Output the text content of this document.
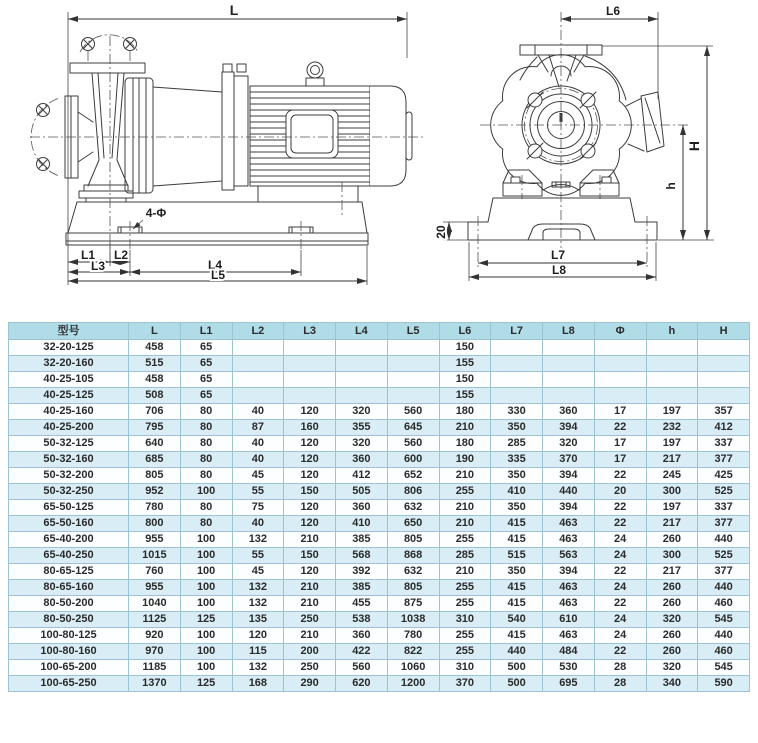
L
L1 L2
L3	L4
L5
4-Φ
L6
H
h
20
L7
L8
型号	L	L1	L2	L3	L4	L5	L6	L7	L8	Φ	h	H
32-20-125	458	65					150					
32-20-160	515	65					155					
40-25-105	458	65					150					
40-25-125	508	65					155					
40-25-160	706	80	40	120	320	560	180	330	360	17	197	357
40-25-200	795	80	87	160	355	645	210	350	394	22	232	412
50-32-125	640	80	40	120	320	560	180	285	320	17	197	337
50-32-160	685	80	40	120	360	600	190	335	370	17	217	377
50-32-200	805	80	45	120	412	652	210	350	394	22	245	425
50-32-250	952	100	55	150	505	806	255	410	440	20	300	525
65-50-125	780	80	75	120	360	632	210	350	394	22	197	337
65-50-160	800	80	40	120	410	650	210	415	463	22	217	377
65-40-200	955	100	132	210	385	805	255	415	463	24	260	440
65-40-250	1015	100	55	150	568	868	285	515	563	24	300	525
80-65-125	760	100	45	120	392	632	210	350	394	22	217	377
80-65-160	955	100	132	210	385	805	255	415	463	24	260	440
80-50-200	1040	100	132	210	455	875	255	415	463	22	260	460
80-50-250	1125	125	135	250	538	1038	310	540	610	24	320	545
100-80-125	920	100	120	210	360	780	255	415	463	24	260	440
100-80-160	970	100	115	200	422	822	255	440	484	22	260	460
100-65-200	1185	100	132	250	560	1060	310	500	530	28	320	545
100-65-250	1370	125	168	290	620	1200	370	500	695	28	340	590
